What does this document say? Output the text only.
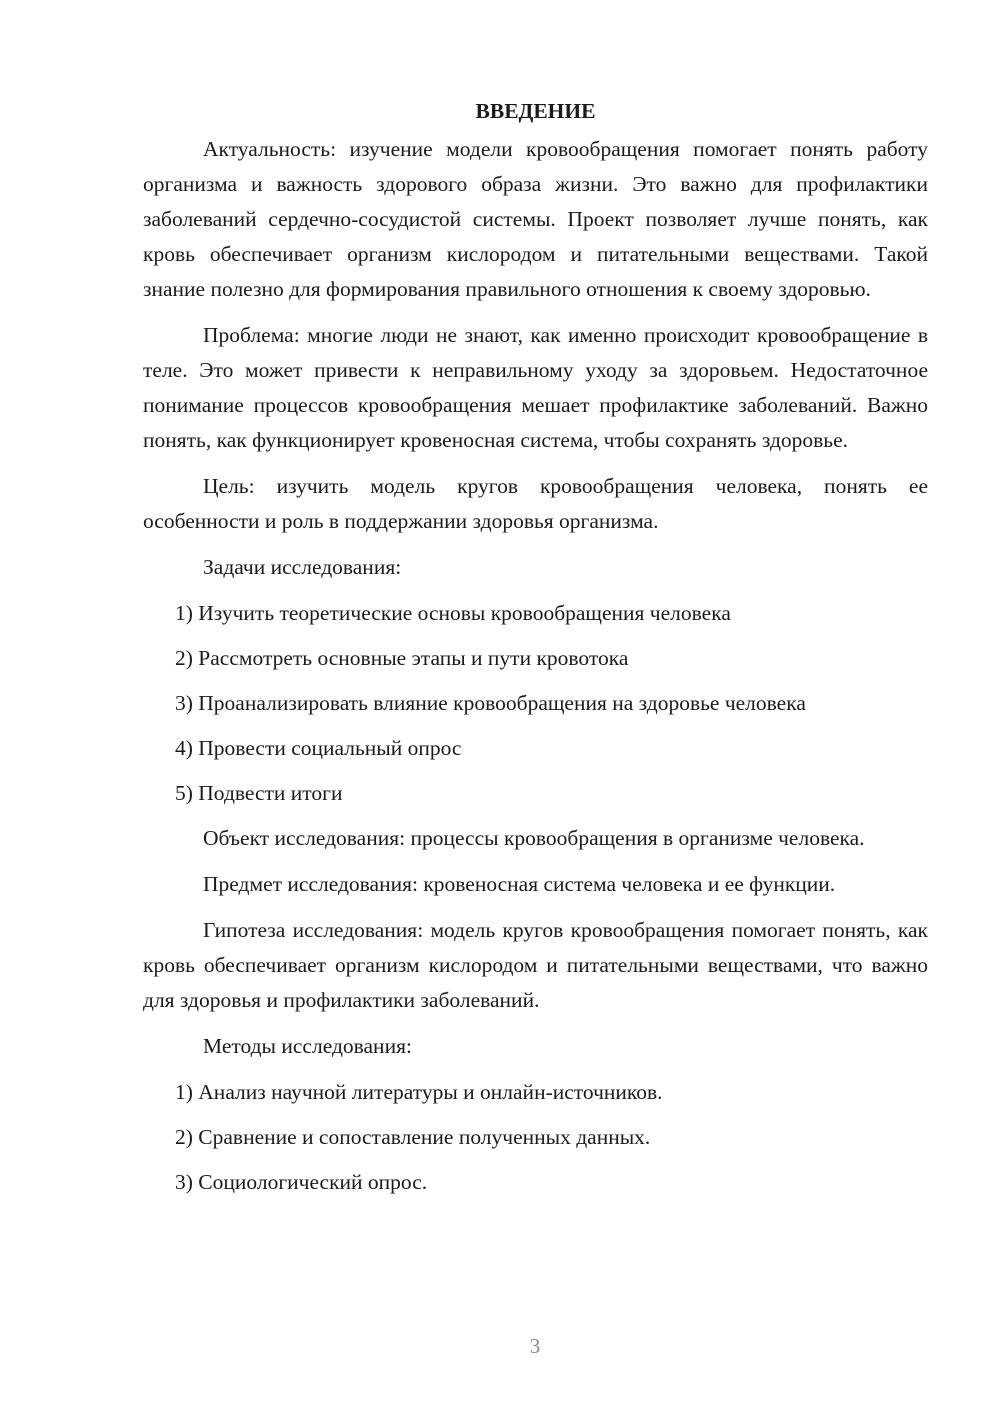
ВВЕДЕНИЕ

Актуальность: изучение модели кровообращения помогает понять работу организма и важность здорового образа жизни. Это важно для профилактики заболеваний сердечно-сосудистой системы. Проект позволяет лучше понять, как кровь обеспечивает организм кислородом и питательными веществами. Такой знание полезно для формирования правильного отношения к своему здоровью.

Проблема: многие люди не знают, как именно происходит кровообращение в теле. Это может привести к неправильному уходу за здоровьем. Недостаточное понимание процессов кровообращения мешает профилактике заболеваний. Важно понять, как функционирует кровеносная система, чтобы сохранять здоровье.

Цель: изучить модель кругов кровообращения человека, понять ее особенности и роль в поддержании здоровья организма.

Задачи исследования:

1) Изучить теоретические основы кровообращения человека
2) Рассмотреть основные этапы и пути кровотока
3) Проанализировать влияние кровообращения на здоровье человека
4) Провести социальный опрос
5) Подвести итоги

Объект исследования: процессы кровообращения в организме человека.

Предмет исследования: кровеносная система человека и ее функции.

Гипотеза исследования: модель кругов кровообращения помогает понять, как кровь обеспечивает организм кислородом и питательными веществами, что важно для здоровья и профилактики заболеваний.

Методы исследования:

1) Анализ научной литературы и онлайн-источников.
2) Сравнение и сопоставление полученных данных.
3) Социологический опрос.
3
